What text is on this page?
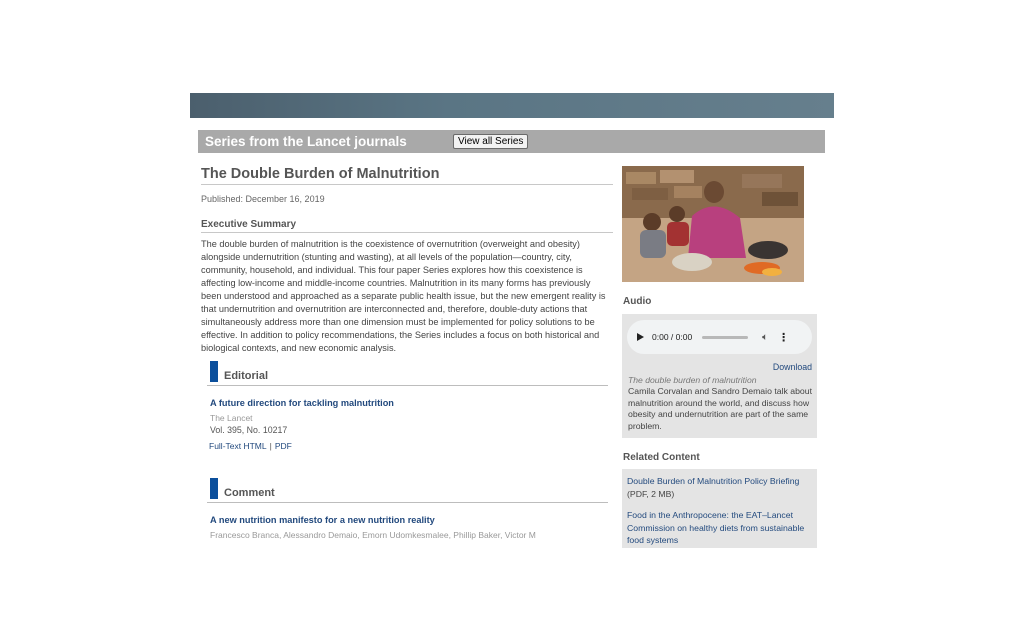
Series from the Lancet journals	View all Series
The Double Burden of Malnutrition
Published: December 16, 2019
Executive Summary

The double burden of malnutrition is the coexistence of overnutrition (overweight and obesity) alongside undernutrition (stunting and wasting), at all levels of the population—country, city, community, household, and individual. This four paper Series explores how this coexistence is affecting low-income and middle-income countries. Malnutrition in its many forms has previously been understood and approached as a separate public health issue, but the new emergent reality is that undernutrition and overnutrition are interconnected and, therefore, double-duty actions that simultaneously address more than one dimension must be implemented for policy solutions to be effective. In addition to policy recommendations, the Series includes a focus on both historical and biological contexts, and new economic analysis.

Editorial
A future direction for tackling malnutrition
The Lancet
Vol. 395, No. 10217
Full-Text HTML | PDF
Comment
A new nutrition manifesto for a new nutrition reality
Francesco Branca, Alessandro Demaio, Emorn Udomkesmalee, Phillip Baker, Victor M
Audio
0:00 / 0:00	🔈︎ ⋮
Download
The double burden of malnutrition
Camila Corvalan and Sandro Demaio talk about malnutrition around the world, and discuss how obesity and undernutrition are part of the same problem.
Related Content
Double Burden of Malnutrition Policy Briefing
(PDF, 2 MB)
Food in the Anthropocene: the EAT–Lancet Commission on healthy diets from sustainable food systems
